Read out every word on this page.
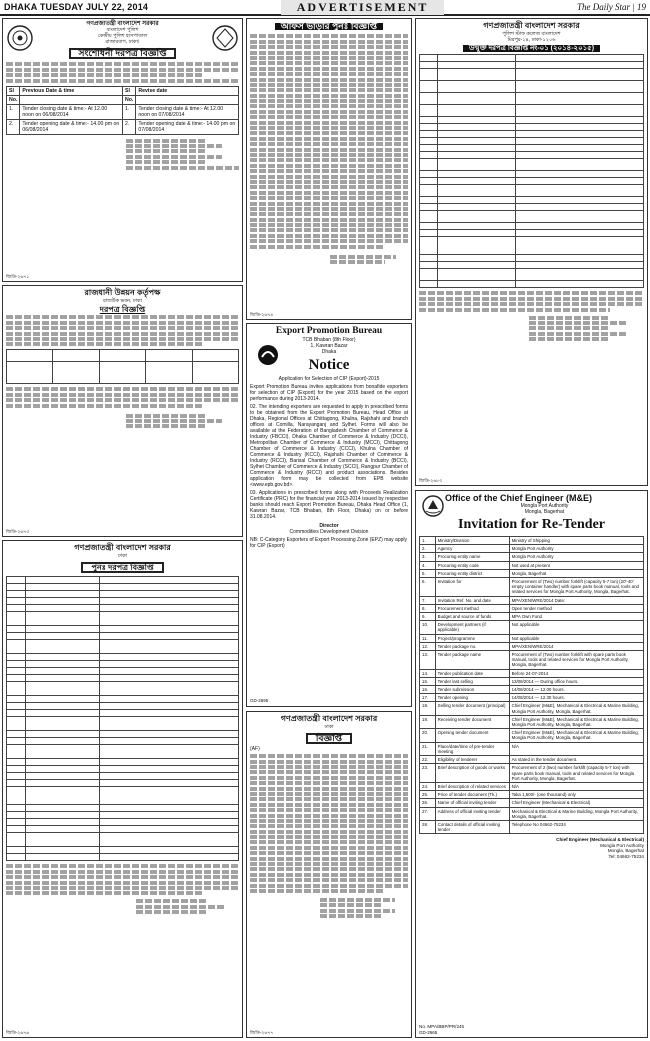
DHAKA TUESDAY JULY 22, 2014	ADVERTISEMENT	The Daily Star | 19
গণপ্রজাতন্ত্রী বাংলাদেশ সরকার
বাংলাদেশ পুলিশ
কেন্দ্রীয় পুলিশ হাসপাতাল
রাজারবাগ, ঢাকা।
সংশোধনী দরপত্র বিজ্ঞপ্তি
Sl	Previous Date & time	Sl	Revise date
No.		No.	
1.	Tender closing date & time:- At 12.00 noon on 06/08/2014	1.	Tender closing date & time:- At 12.00 noon on 07/08/2014
2.	Tender opening date & time:- 14.00 pm on 06/08/2014	2.	Tender opening date & time:- 14.00 pm on 07/08/2014
জিডি-২৬৭১
রাজধানী উন্নয়ন কর্তৃপক্ষ
রাজউক ভবন, ঢাকা
দরপত্র বিজ্ঞপ্তি

জিডি-২৬৭৩
গণপ্রজাতন্ত্রী বাংলাদেশ সরকার
ঢাকা
পুনঃ দরপত্র বিজ্ঞপ্তি

জিডি-২৬৭৬
অফিস ভাড়ার পুনঃ বিজ্ঞপ্তি
জিডি-২৬৭৪
Export Promotion Bureau
TCB Bhaban (8th Floor)
1, Kawran Bazar
Dhaka
Notice
Application for Selection of CIP (Export)-2015

Export Promotion Bureau invites applications from bonafide exporters for selection of CIP (Export) for the year 2015 based on the export performance during 2013-2014.

02. The intending exporters are requested to apply in prescribed forms to be obtained from the Export Promotion Bureau, Head Office at Dhaka, Regional Offices at Chittagong, Khulna, Rajshahi and branch offices at Comilla, Narayanganj and Sylhet. Forms will also be available at the Federation of Bangladesh Chamber of Commerce & Industry (FBCCI), Dhaka Chamber of Commerce & Industry (DCCI), Metropolitan Chamber of Commerce & Industry (MCCI), Chittagong Chamber of Commerce & Industry (CCCI), Khulna Chamber of Commerce & Industry (KCCI), Rajshahi Chamber of Commerce & Industry (RCCI), Barisal Chamber of Commerce & Industry (BCCI), Sylhet Chamber of Commerce & Industry (SCCI), Rangpur Chamber of Commerce & Industry (RCCI) and product associations. Besides application form may be collected from EPB website <www.epb.gov.bd>.

03. Applications in prescribed forms along with Proceeds Realization Certificate (PRC) for the financial year 2013-2014 issued by respective banks should reach Export Promotion Bureau, Dhaka Head Office (1, Kawran Bazar, TCB Bhaban, 8th Floor, Dhaka) on or before 31.08.2014.

Director
Commodities Development Division
NB: C-Category Exporters of Export Processing Zone (EPZ) may apply for CIP (Export)
GD-2695
গণপ্রজাতন্ত্রী বাংলাদেশ সরকার
ঢাকা
বিজ্ঞপ্তি
(AF)
জিডি-২৬৭৭
গণপ্রজাতন্ত্রী বাংলাদেশ সরকার
পুলিশ স্টাফ কলেজ বাংলাদেশ
মিরপুর-১৪, ঢাকা-১২০৬
উন্মুক্ত দরপত্র বিজ্ঞপ্তি নং-০১ (২০১৪-২০১৫)

জিডি-২৬৮৩
Office of the Chief Engineer (M&E)
Mongla Port Authority
Mongla, Bagerhat
Invitation for Re-Tender
1.	Ministry/Division	Ministry of Shipping
2.	Agency	Mongla Port Authority
3.	Procuring entity name	Mongla Port Authority
4.	Procuring entity code	Not used at present
5.	Procuring entity district	Mongla, Bagerhat
6.	Invitation for	Procurement of (Two) number forklift (capacity 5-7 ton) (20'-40' empty container handler) with spare parts book manual, tools and related services for Mongla Port Authority, Mongla, Bagerhat.
7.	Invitation Ref. No. and date	MPA/XEN/WRE/2014 Date:
8.	Procurement method	Open tender method
9.	Budget and source of funds	MPA Own Fund
10.	Development partners (if applicable)	Not applicable
11.	Project/programme	Not applicable
12.	Tender package no.	MPA/XEN/WRE/2014
13.	Tender package name	Procurement of (Two) number forklift with spare parts book manual, tools and related services for Mongla Port Authority, Mongla, Bagerhat.
14.	Tender publication date	Before 24-07-2014
15.	Tender last selling	13/08/2014 — During office hours.
16.	Tender submission	14/08/2014 — 12.00 hours.
17.	Tender opening	14/08/2014 — 12.30 hours.
18.	Selling tender document (principal)	Chief Engineer (M&E), Mechanical & Electrical & Marine Building, Mongla Port Authority, Mongla, Bagerhat.
19.	Receiving tender document	Chief Engineer (M&E), Mechanical & Electrical & Marine Building, Mongla Port Authority, Mongla, Bagerhat.
20.	Opening tender document	Chief Engineer (M&E), Mechanical & Electrical & Marine Building, Mongla Port Authority, Mongla, Bagerhat.
21.	Place/date/time of pre-tender meeting	N/A
22.	Eligibility of tenderer	As stated in the tender document.
23.	Brief description of goods or works	Procurement of 2 (two) number forklift (capacity 5-7 ton) with spare parts book manual, tools and related services for Mongla Port Authority, Mongla, Bagerhat.
24.	Brief description of related services	N/A
25.	Price of tender document (Tk.)	Taka 1,500/- (one thousand) only
26.	Name of official inviting tender	Chief Engineer (Mechanical & Electrical)
27.	Address of official inviting tender	Mechanical & Electrical & Marine Building, Mongla Port Authority, Mongla, Bagerhat.
28.	Contact details of official inviting tender	Telephone No 04662-75234
Chief Engineer (Mechanical & Electrical)
Mongla Port Authority
Mongla, Bagerhat
Tel: 04662-75234
No. MPA/BBP/PR/245
GD-2665
